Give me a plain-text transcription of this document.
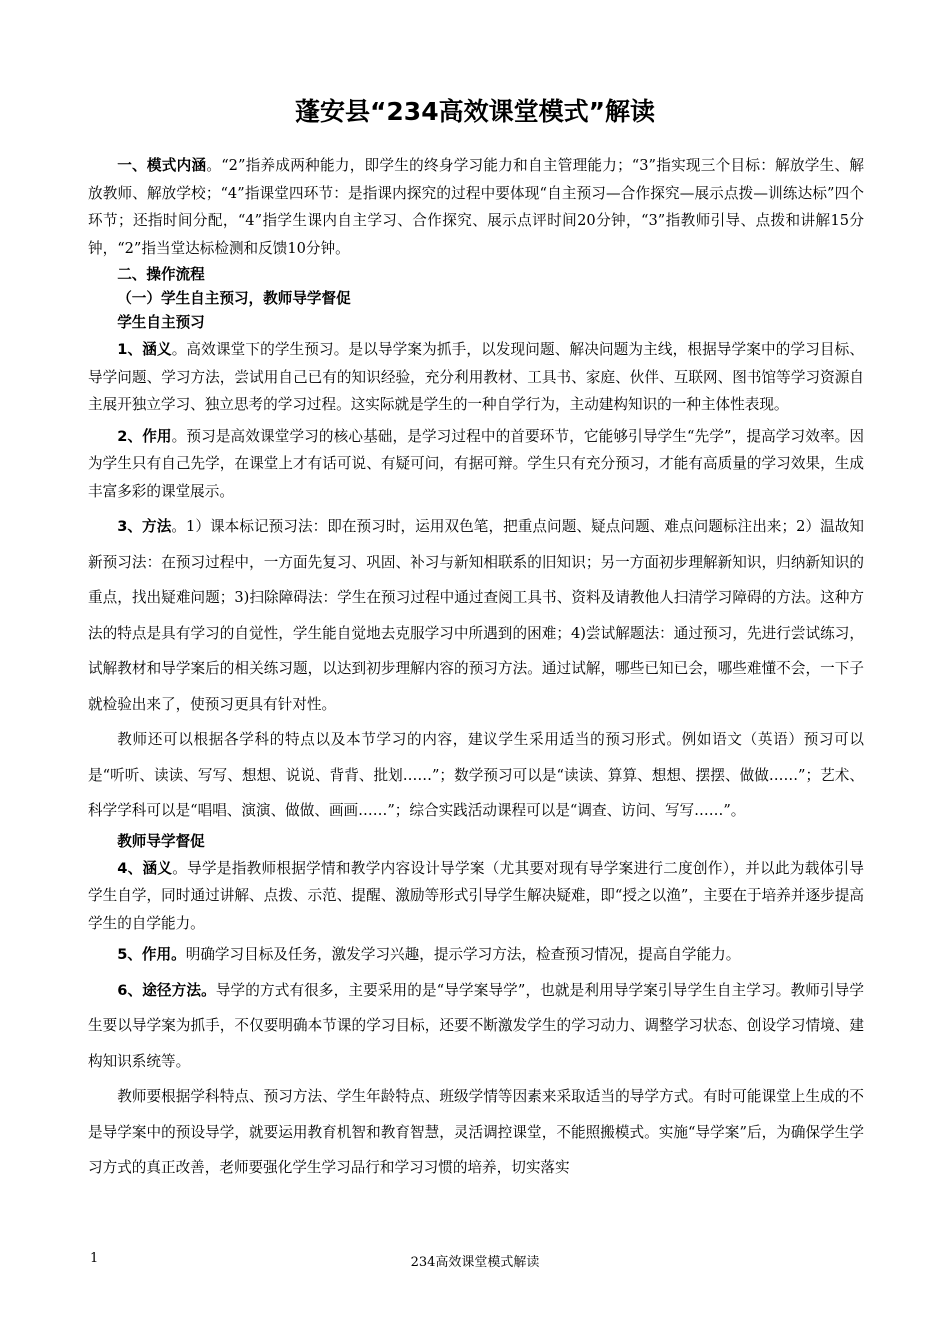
蓬安县“234高效课堂模式”解读

一、模式内涵。“2”指养成两种能力，即学生的终身学习能力和自主管理能力；“3”指实现三个目标：解放学生、解放教师、解放学校；“4”指课堂四环节：是指课内探究的过程中要体现“自主预习—合作探究—展示点拨—训练达标”四个环节；还指时间分配，“4”指学生课内自主学习、合作探究、展示点评时间20分钟，“3”指教师引导、点拨和讲解15分钟，“2”指当堂达标检测和反馈10分钟。

二、操作流程

（一）学生自主预习，教师导学督促

学生自主预习

1、涵义。高效课堂下的学生预习。是以导学案为抓手，以发现问题、解决问题为主线，根据导学案中的学习目标、导学问题、学习方法，尝试用自己已有的知识经验，充分利用教材、工具书、家庭、伙伴、互联网、图书馆等学习资源自主展开独立学习、独立思考的学习过程。这实际就是学生的一种自学行为，主动建构知识的一种主体性表现。

2、作用。预习是高效课堂学习的核心基础，是学习过程中的首要环节，它能够引导学生“先学”，提高学习效率。因为学生只有自己先学，在课堂上才有话可说、有疑可问，有据可辩。学生只有充分预习，才能有高质量的学习效果，生成丰富多彩的课堂展示。

3、方法。1）课本标记预习法：即在预习时，运用双色笔，把重点问题、疑点问题、难点问题标注出来；2）温故知新预习法：在预习过程中，一方面先复习、巩固、补习与新知相联系的旧知识；另一方面初步理解新知识，归纳新知识的重点，找出疑难问题；3)扫除障碍法：学生在预习过程中通过查阅工具书、资料及请教他人扫清学习障碍的方法。这种方法的特点是具有学习的自觉性，学生能自觉地去克服学习中所遇到的困难；4)尝试解题法：通过预习，先进行尝试练习，试解教材和导学案后的相关练习题，以达到初步理解内容的预习方法。通过试解，哪些已知已会，哪些难懂不会，一下子就检验出来了，使预习更具有针对性。

教师还可以根据各学科的特点以及本节学习的内容，建议学生采用适当的预习形式。例如语文（英语）预习可以是“听听、读读、写写、想想、说说、背背、批划……”；数学预习可以是“读读、算算、想想、摆摆、做做……”；艺术、科学学科可以是“唱唱、演演、做做、画画……”；综合实践活动课程可以是“调查、访问、写写……”。

教师导学督促

4、涵义。导学是指教师根据学情和教学内容设计导学案（尤其要对现有导学案进行二度创作），并以此为载体引导学生自学，同时通过讲解、点拨、示范、提醒、激励等形式引导学生解决疑难，即“授之以渔”，主要在于培养并逐步提高学生的自学能力。

5、作用。明确学习目标及任务，激发学习兴趣，提示学习方法，检查预习情况，提高自学能力。

6、途径方法。导学的方式有很多，主要采用的是“导学案导学”，也就是利用导学案引导学生自主学习。教师引导学生要以导学案为抓手，不仅要明确本节课的学习目标，还要不断激发学生的学习动力、调整学习状态、创设学习情境、建构知识系统等。

教师要根据学科特点、预习方法、学生年龄特点、班级学情等因素来采取适当的导学方式。有时可能课堂上生成的不是导学案中的预设导学，就要运用教育机智和教育智慧，灵活调控课堂，不能照搬模式。实施“导学案”后，为确保学生学习方式的真正改善，老师要强化学生学习品行和学习习惯的培养，切实落实

1	234高效课堂模式解读
